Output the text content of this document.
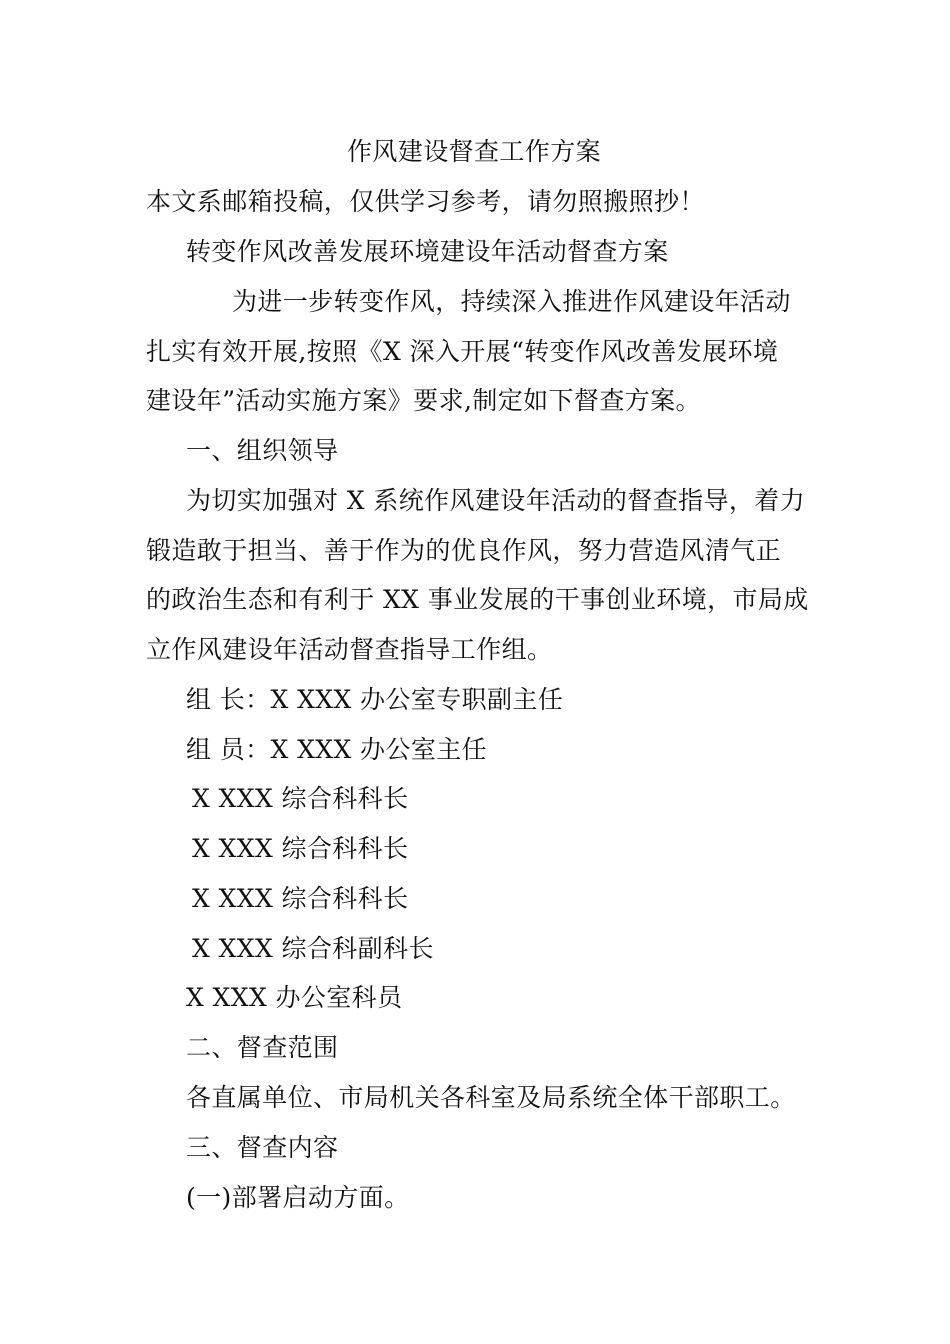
作风建设督查工作方案
本文系邮箱投稿，仅供学习参考，请勿照搬照抄！
转变作风改善发展环境建设年活动督查方案
为进一步转变作风，持续深入推进作风建设年活动
扎实有效开展,按照《X 深入开展“转变作风改善发展环境
建设年”活动实施方案》要求,制定如下督查方案。
一、组织领导
为切实加强对 X 系统作风建设年活动的督查指导，着力
锻造敢于担当、善于作为的优良作风，努力营造风清气正
的政治生态和有利于 XX 事业发展的干事创业环境，市局成
立作风建设年活动督查指导工作组。
组 长：X XXX 办公室专职副主任
组 员：X XXX 办公室主任
X XXX 综合科科长
X XXX 综合科科长
X XXX 综合科科长
X XXX 综合科副科长
X XXX 办公室科员
二、督查范围
各直属单位、市局机关各科室及局系统全体干部职工。
三、督查内容
(一)部署启动方面。
